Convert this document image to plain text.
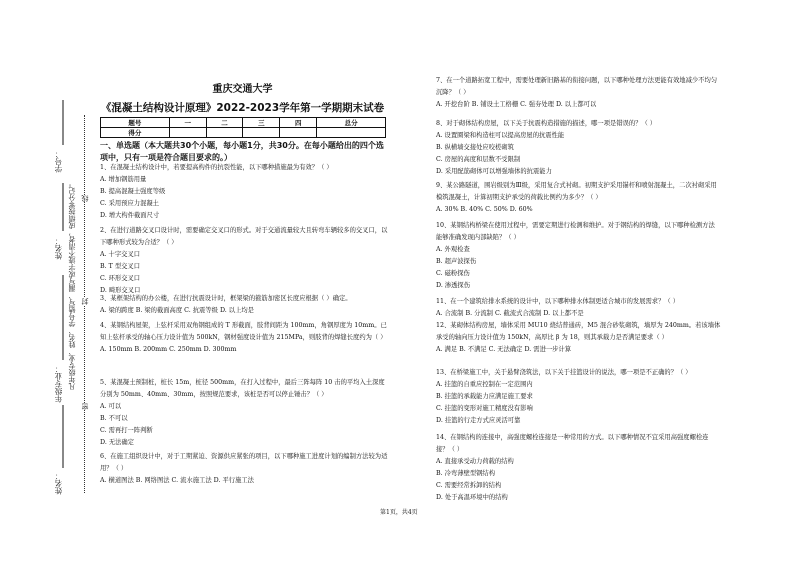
学号：
姓名：
年级专业：
姓名：
凡年级专业、姓名、学号错写、漏写或字迹不清者，成绩按零分记。 线
封
密
重庆交通大学
《混凝土结构设计原理》2022-2023学年第一学期期末试卷
题号	一	二	三	四	总分
得分					
一、单选题（本大题共30个小题，每小题1分，共30分。在每小题给出的四个选项中，只有一项是符合题目要求的。）
1、在混凝土结构设计中，若要提高构件的抗裂性能，以下哪种措施最为有效？（ ）
A. 增加钢筋用量
B. 提高混凝土强度等级
C. 采用预应力混凝土
D. 增大构件截面尺寸
2、在进行道路交叉口设计时，需要确定交叉口的形式。对于交通流量较大且转弯车辆较多的交叉口，以下哪种形式较为合适？（ ）
A. 十字交叉口
B. T 型交叉口
C. 环形交叉口
D. 畸形交叉口
3、某框架结构的办公楼，在进行抗震设计时，框架梁的箍筋加密区长度应根据（ ）确定。
A. 梁的跨度 B. 梁的截面高度 C. 抗震等级 D. 以上均是
4、某钢结构屋架，上弦杆采用双角钢组成的 T 形截面，肢背间距为 100mm，角钢厚度为 10mm。已知上弦杆承受的轴心压力设计值为 500kN，钢材强度设计值为 215MPa，则肢背的焊缝长度约为（ ）
A. 150mm B. 200mm C. 250mm D. 300mm
5、某混凝土预制桩，桩长 15m，桩径 500mm，在打入过程中，最后三阵每阵 10 击的平均入土深度分别为 50mm、40mm、30mm，按照规范要求，该桩是否可以停止锤击？（ ）
A. 可以
B. 不可以
C. 需再打一阵判断
D. 无法确定
6、在施工组织设计中，对于工期紧迫、资源供应紧张的项目，以下哪种施工进度计划的编制方法较为适用？（ ）
A. 横道图法 B. 网络图法 C. 流水施工法 D. 平行施工法
7、在一个道路拓宽工程中，需要处理新旧路基的衔接问题，以下哪种处理方法更能有效地减少不均匀沉降？（ ）
A. 开挖台阶 B. 铺设土工格栅 C. 强夯处理 D. 以上都可以
8、对于砌体结构房屋，以下关于抗震构造措施的描述，哪一项是错误的？（ ）
A. 设置圈梁和构造柱可以提高房屋的抗震性能
B. 纵横墙交接处应咬槎砌筑
C. 房屋的高度和层数不受限制
D. 采用配筋砌体可以增强墙体的抗震能力
9、某公路隧道，围岩级别为Ⅲ级，采用复合式衬砌。初期支护采用锚杆和喷射混凝土，二次衬砌采用模筑混凝土，计算初期支护承受的荷载比例约为多少？（ ）
A. 30% B. 40% C. 50% D. 60%
10、某钢结构桥梁在使用过程中，需要定期进行检测和维护。对于钢结构的焊缝，以下哪种检测方法能够准确发现内部缺陷？（ ）
A. 外观检查
B. 超声波探伤
C. 磁粉探伤
D. 渗透探伤
11、在一个建筑给排水系统的设计中，以下哪种排水体制更适合城市的发展需求？（ ）
A. 合流制 B. 分流制 C. 截流式合流制 D. 以上都不是
12、某砌体结构房屋，墙体采用 MU10 烧结普通砖，M5 混合砂浆砌筑，墙厚为 240mm。若该墙体承受的轴向压力设计值为 150kN，高厚比 β 为 18，则其承载力是否满足要求（ ）
A. 满足 B. 不满足 C. 无法确定 D. 需进一步计算
13、在桥梁施工中，关于悬臂浇筑法，以下关于挂篮设计的说法，哪一项是不正确的？（ ）
A. 挂篮的自重应控制在一定范围内
B. 挂篮的承载能力应满足施工要求
C. 挂篮的变形对施工精度没有影响
D. 挂篮的行走方式应灵活可靠
14、在钢结构的连接中，高强度螺栓连接是一种常用的方式。以下哪种情况不宜采用高强度螺栓连接？（ ）
A. 直接承受动力荷载的结构
B. 冷弯薄壁型钢结构
C. 需要经常拆卸的结构
D. 处于高温环境中的结构
第1页，共4页
